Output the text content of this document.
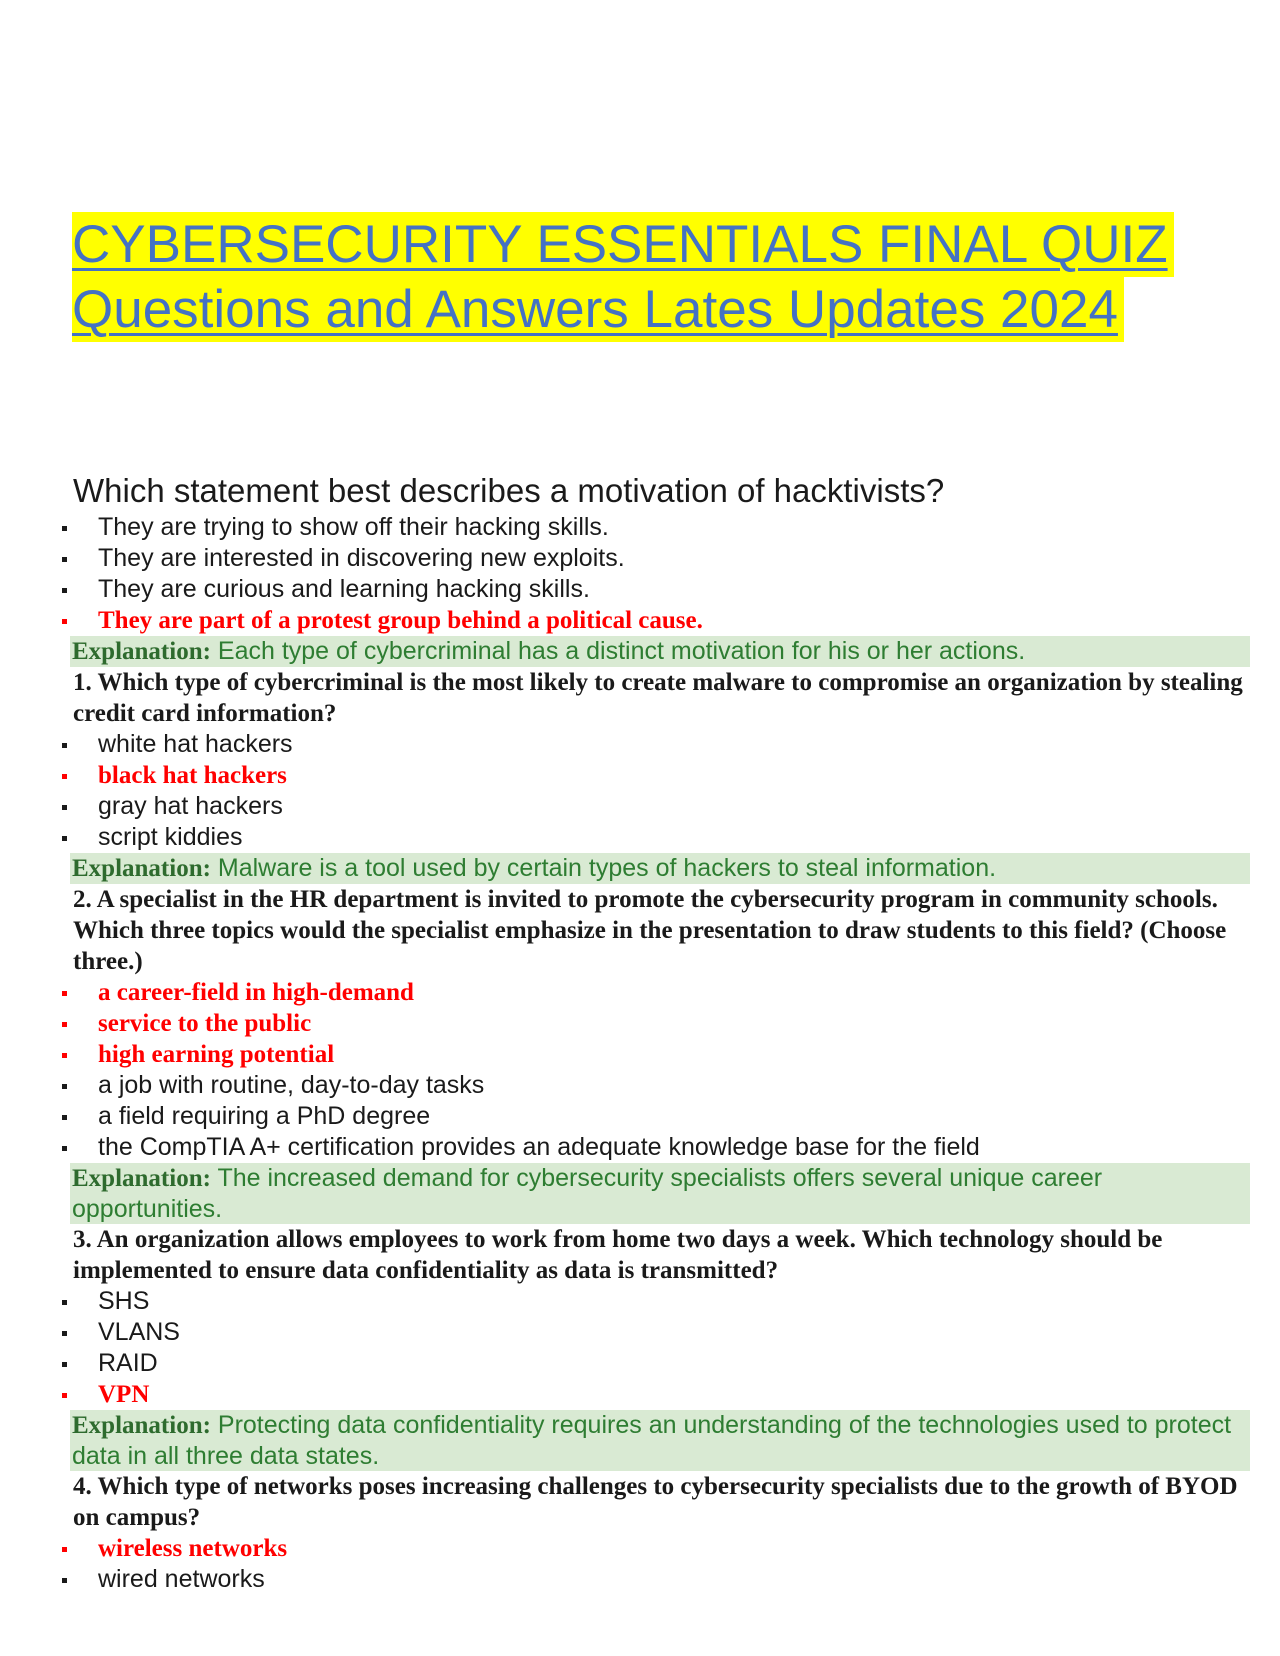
CYBERSECURITY ESSENTIALS FINAL QUIZ
Questions and Answers Lates Updates 2024
Which statement best describes a motivation of hacktivists?
They are trying to show off their hacking skills.
They are interested in discovering new exploits.
They are curious and learning hacking skills.
They are part of a protest group behind a political cause.
Explanation: Each type of cybercriminal has a distinct motivation for his or her actions.
1. Which type of cybercriminal is the most likely to create malware to compromise an organization by stealing credit card information?
white hat hackers
black hat hackers
gray hat hackers
script kiddies
Explanation: Malware is a tool used by certain types of hackers to steal information.
2. A specialist in the HR department is invited to promote the cybersecurity program in community schools. Which three topics would the specialist emphasize in the presentation to draw students to this field? (Choose three.)
a career-field in high-demand
service to the public
high earning potential
a job with routine, day-to-day tasks
a field requiring a PhD degree
the CompTIA A+ certification provides an adequate knowledge base for the field
Explanation: The increased demand for cybersecurity specialists offers several unique career opportunities.
3. An organization allows employees to work from home two days a week. Which technology should be implemented to ensure data confidentiality as data is transmitted?
SHS
VLANS
RAID
VPN
Explanation: Protecting data confidentiality requires an understanding of the technologies used to protect data in all three data states.
4. Which type of networks poses increasing challenges to cybersecurity specialists due to the growth of BYOD on campus?
wireless networks
wired networks
